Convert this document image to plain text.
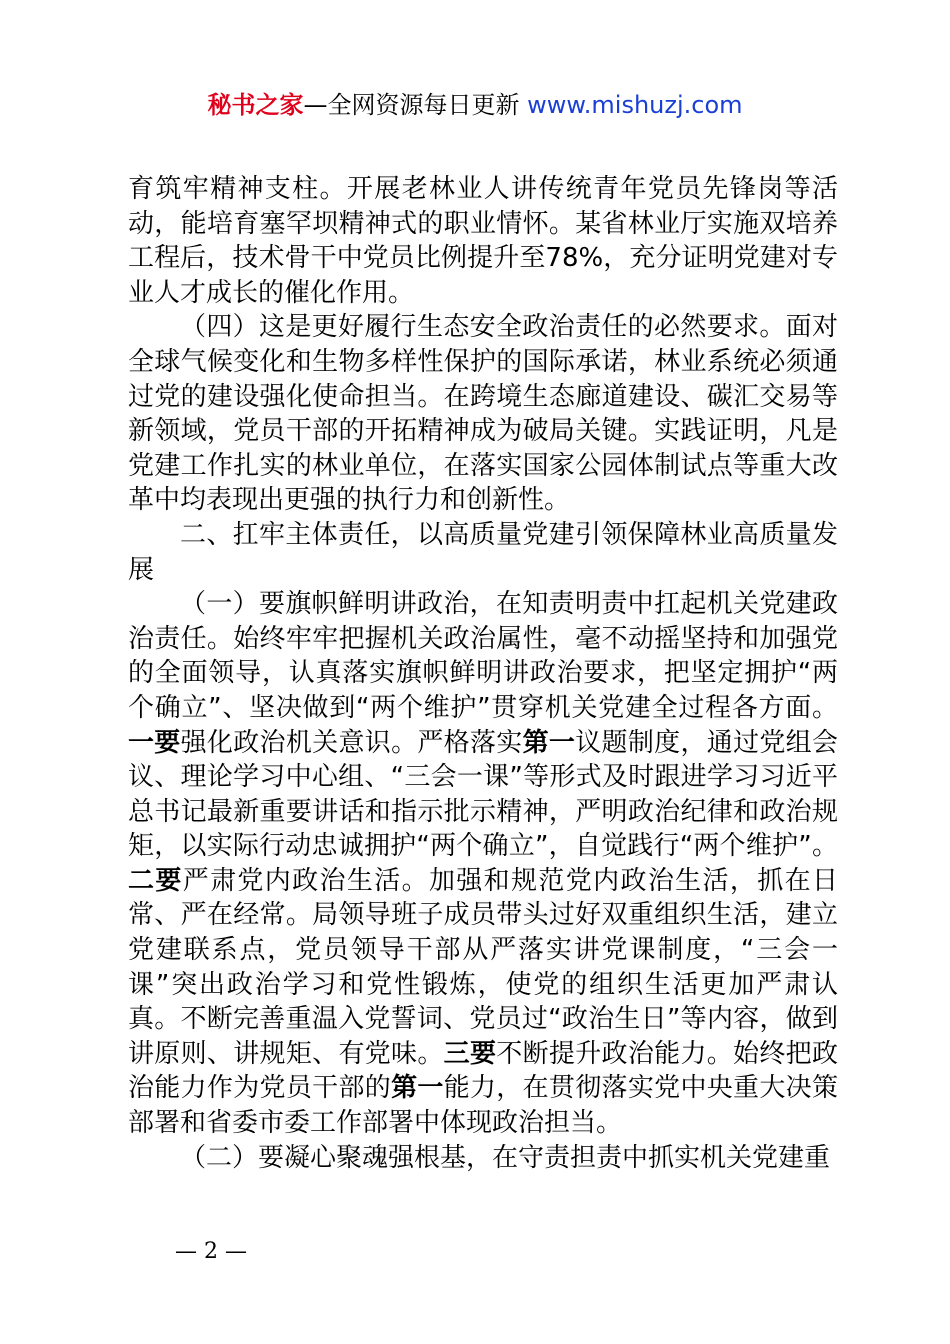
秘书之家—全网资源每日更新 www.mishuzj.com

育筑牢精神支柱。开展老林业人讲传统青年党员先锋岗等活动，能培育塞罕坝精神式的职业情怀。某省林业厅实施双培养工程后，技术骨干中党员比例提升至78%，充分证明党建对专业人才成长的催化作用。

（四）这是更好履行生态安全政治责任的必然要求。面对全球气候变化和生物多样性保护的国际承诺，林业系统必须通过党的建设强化使命担当。在跨境生态廊道建设、碳汇交易等新领域，党员干部的开拓精神成为破局关键。实践证明，凡是党建工作扎实的林业单位，在落实国家公园体制试点等重大改革中均表现出更强的执行力和创新性。

二、扛牢主体责任，以高质量党建引领保障林业高质量发展

（一）要旗帜鲜明讲政治，在知责明责中扛起机关党建政治责任。始终牢牢把握机关政治属性，毫不动摇坚持和加强党的全面领导，认真落实旗帜鲜明讲政治要求，把坚定拥护“两个确立”、坚决做到“两个维护”贯穿机关党建全过程各方面。一要强化政治机关意识。严格落实第一议题制度，通过党组会议、理论学习中心组、“三会一课”等形式及时跟进学习习近平总书记最新重要讲话和指示批示精神，严明政治纪律和政治规矩，以实际行动忠诚拥护“两个确立”，自觉践行“两个维护”。二要严肃党内政治生活。加强和规范党内政治生活，抓在日常、严在经常。局领导班子成员带头过好双重组织生活，建立党建联系点，党员领导干部从严落实讲党课制度，“三会一课”突出政治学习和党性锻炼，使党的组织生活更加严肃认真。不断完善重温入党誓词、党员过“政治生日”等内容，做到讲原则、讲规矩、有党味。三要不断提升政治能力。始终把政治能力作为党员干部的第一能力，在贯彻落实党中央重大决策部署和省委市委工作部署中体现政治担当。

（二）要凝心聚魂强根基，在守责担责中抓实机关党建重

— 2 —
